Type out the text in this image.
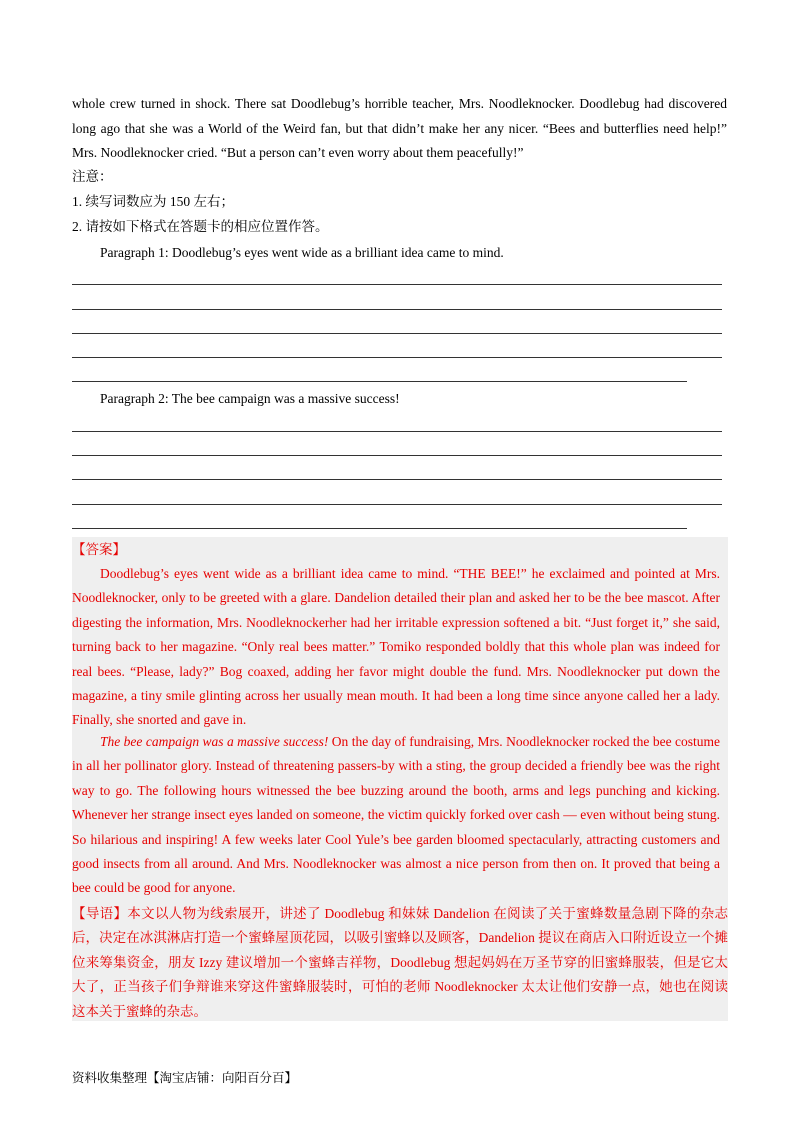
whole crew turned in shock. There sat Doodlebug’s horrible teacher, Mrs. Noodleknocker. Doodlebug had discovered long ago that she was a World of the Weird fan, but that didn’t make her any nicer. “Bees and butterflies need help!” Mrs. Noodleknocker cried. “But a person can’t even worry about them peacefully!”

注意：

1. 续写词数应为 150 左右；

2. 请按如下格式在答题卡的相应位置作答。

Paragraph 1: Doodlebug’s eyes went wide as a brilliant idea came to mind.

Paragraph 2: The bee campaign was a massive success!

【答案】

Doodlebug’s eyes went wide as a brilliant idea came to mind. “THE BEE!” he exclaimed and pointed at Mrs. Noodleknocker, only to be greeted with a glare. Dandelion detailed their plan and asked her to be the bee mascot. After digesting the information, Mrs. Noodleknockerher had her irritable expression softened a bit. “Just forget it,” she said, turning back to her magazine. “Only real bees matter.” Tomiko responded boldly that this whole plan was indeed for real bees. “Please, lady?” Bog coaxed, adding her favor might double the fund. Mrs. Noodleknocker put down the magazine, a tiny smile glinting across her usually mean mouth. It had been a long time since anyone called her a lady. Finally, she snorted and gave in.

The bee campaign was a massive success! On the day of fundraising, Mrs. Noodleknocker rocked the bee costume in all her pollinator glory. Instead of threatening passers-by with a sting, the group decided a friendly bee was the right way to go. The following hours witnessed the bee buzzing around the booth, arms and legs punching and kicking. Whenever her strange insect eyes landed on someone, the victim quickly forked over cash — even without being stung. So hilarious and inspiring! A few weeks later Cool Yule’s bee garden bloomed spectacularly, attracting customers and good insects from all around. And Mrs. Noodleknocker was almost a nice person from then on. It proved that being a bee could be good for anyone.

【导语】本文以人物为线索展开，讲述了 Doodlebug 和妹妹 Dandelion 在阅读了关于蜜蜂数量急剧下降的杂志后，决定在冰淇淋店打造一个蜜蜂屋顶花园，以吸引蜜蜂以及顾客，Dandelion 提议在商店入口附近设立一个摊位来筹集资金，朋友 Izzy 建议增加一个蜜蜂吉祥物，Doodlebug 想起妈妈在万圣节穿的旧蜜蜂服装，但是它太大了，正当孩子们争辩谁来穿这件蜜蜂服装时，可怕的老师 Noodleknocker 太太让他们安静一点，她也在阅读这本关于蜜蜂的杂志。

资料收集整理【淘宝店铺：向阳百分百】
